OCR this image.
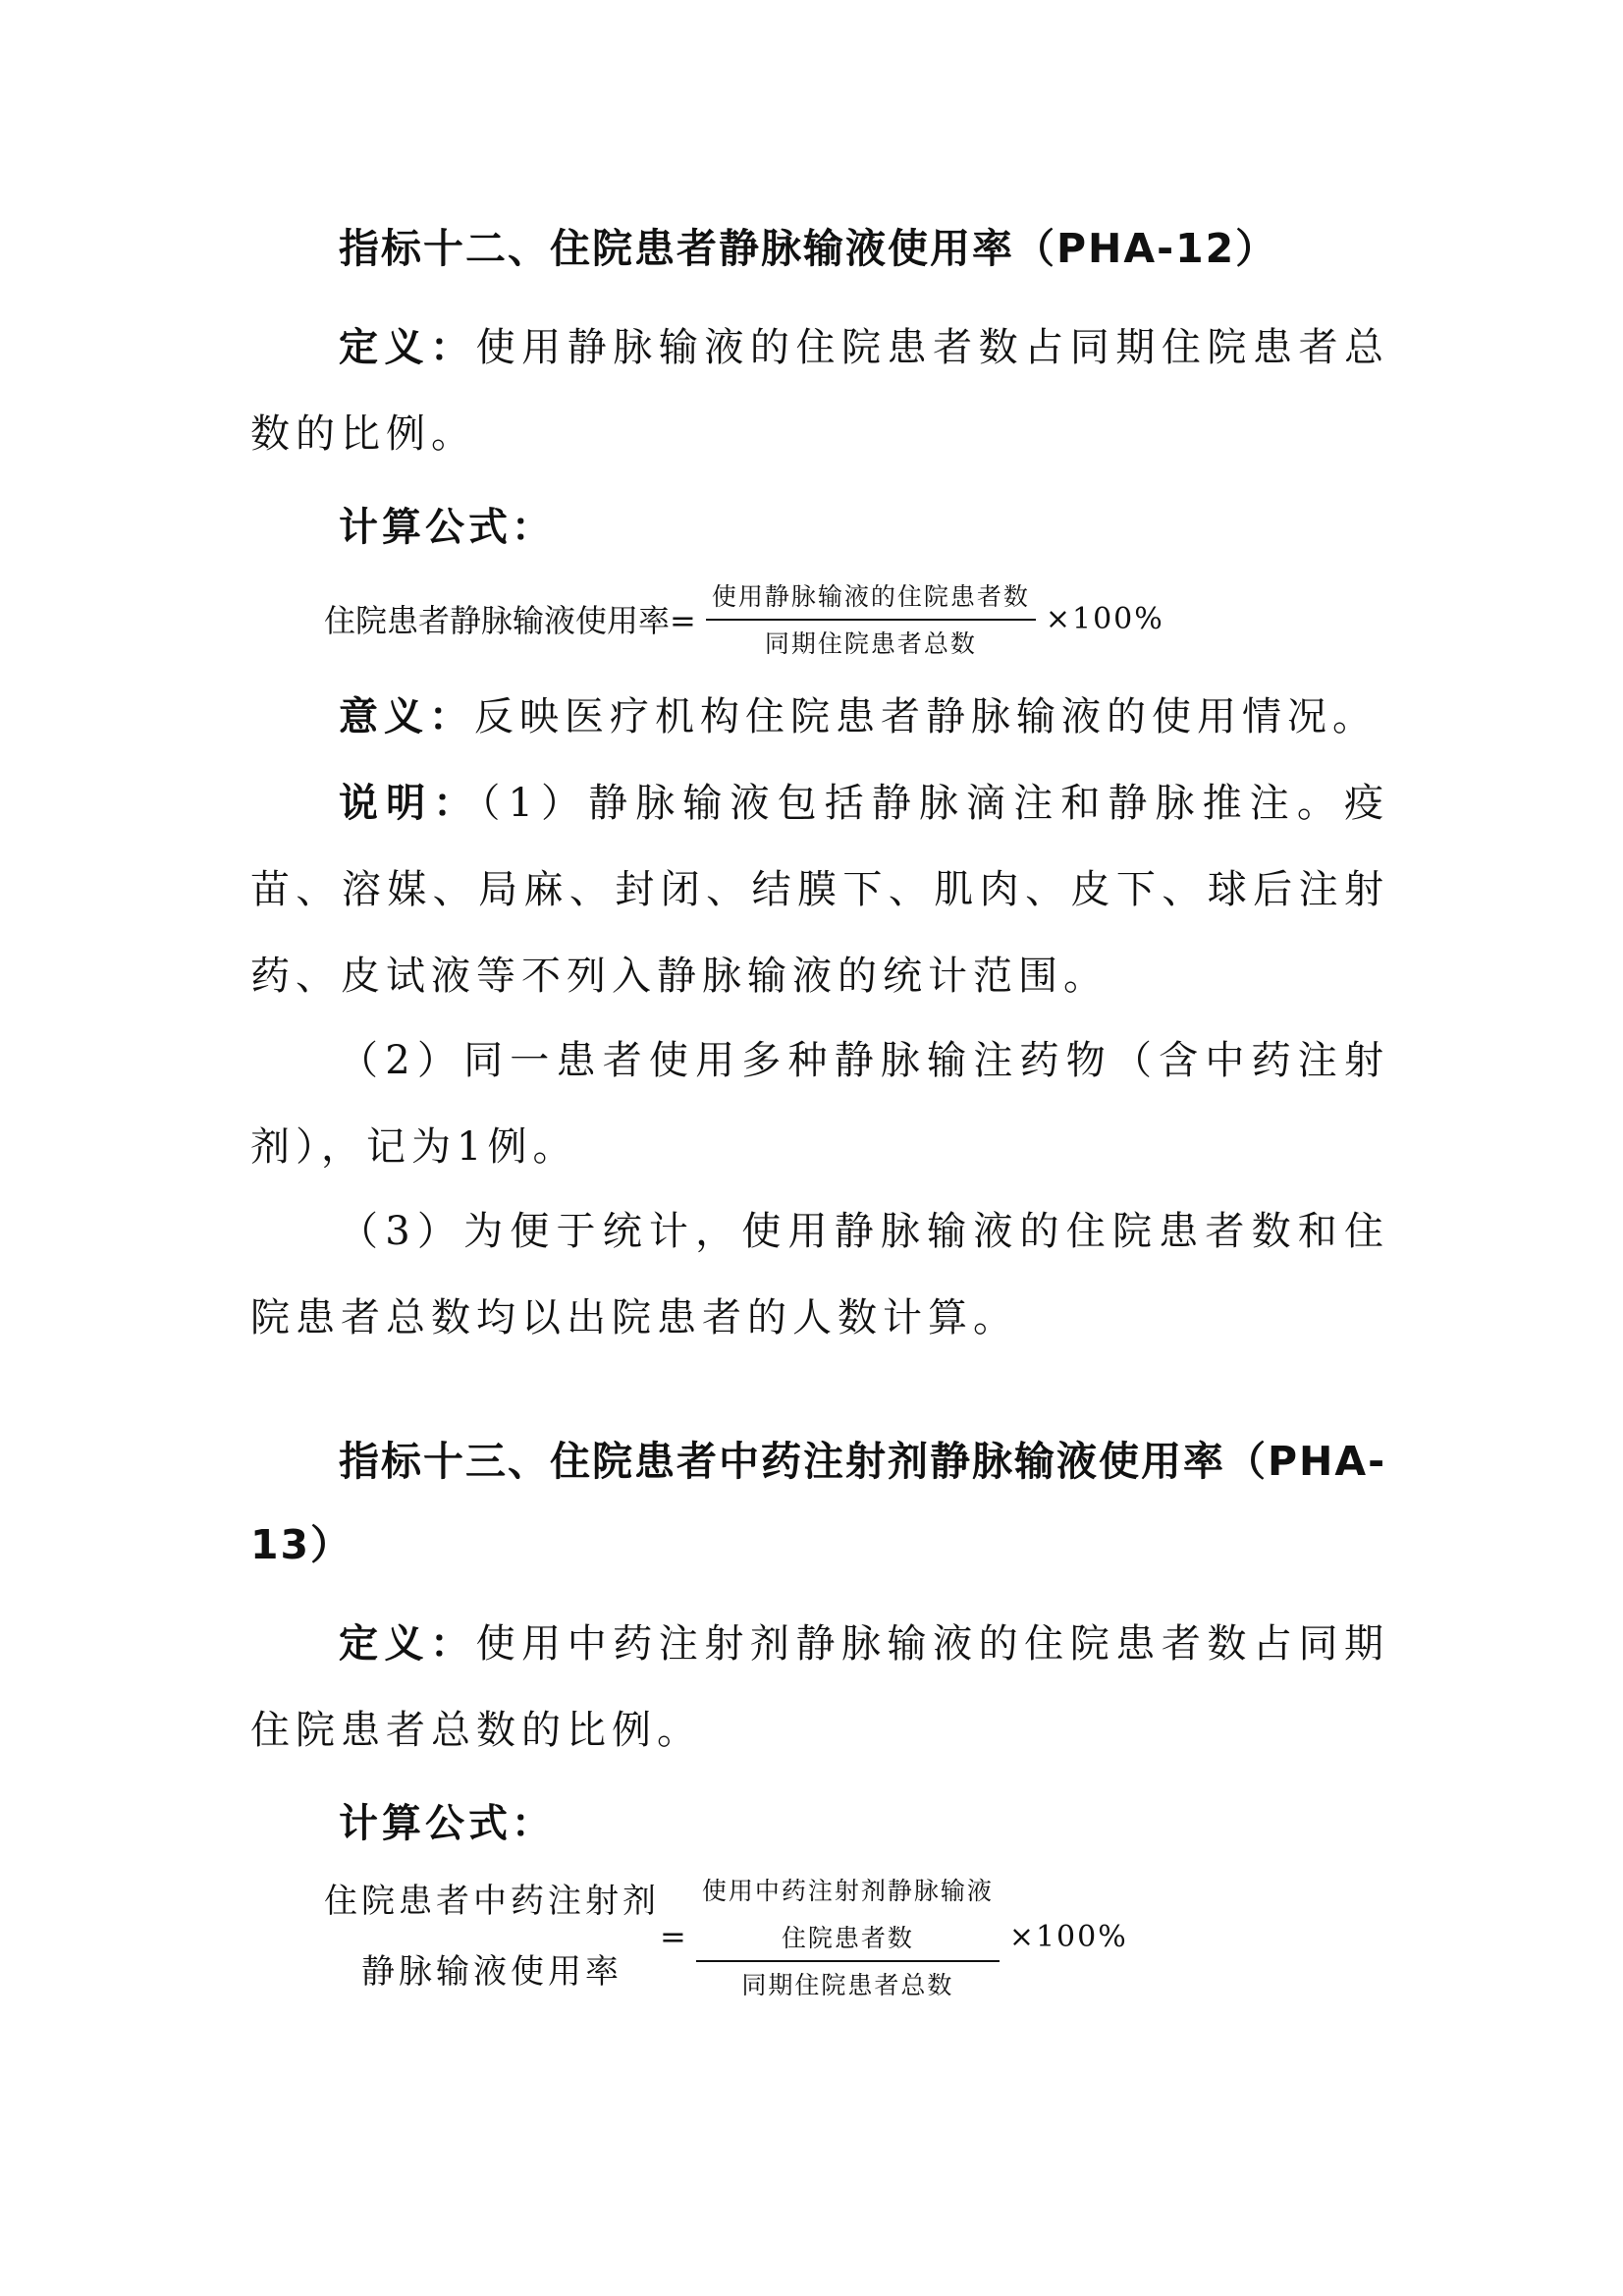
指标十二、住院患者静脉输液使用率（PHA-12）

定义：使用静脉输液的住院患者数占同期住院患者总数的比例。

计算公式：
住院患者静脉输液使用率= $\frac{\text{使用静脉输液的住院患者数}}{\text{同期住院患者总数}} \times 100\%$

意义：反映医疗机构住院患者静脉输液的使用情况。

说明：（1）静脉输液包括静脉滴注和静脉推注。疫苗、溶媒、局麻、封闭、结膜下、肌肉、皮下、球后注射药、皮试液等不列入静脉输液的统计范围。

（2）同一患者使用多种静脉输注药物（含中药注射剂），记为1例。

（3）为便于统计，使用静脉输液的住院患者数和住院患者总数均以出院患者的人数计算。

指标十三、住院患者中药注射剂静脉输液使用率（PHA-
13）

定义：使用中药注射剂静脉输液的住院患者数占同期住院患者总数的比例。

计算公式：
住院患者中药注射剂
静脉输液使用率
=
使用中药注射剂静脉输液
住院患者数
同期住院患者总数
×100%
